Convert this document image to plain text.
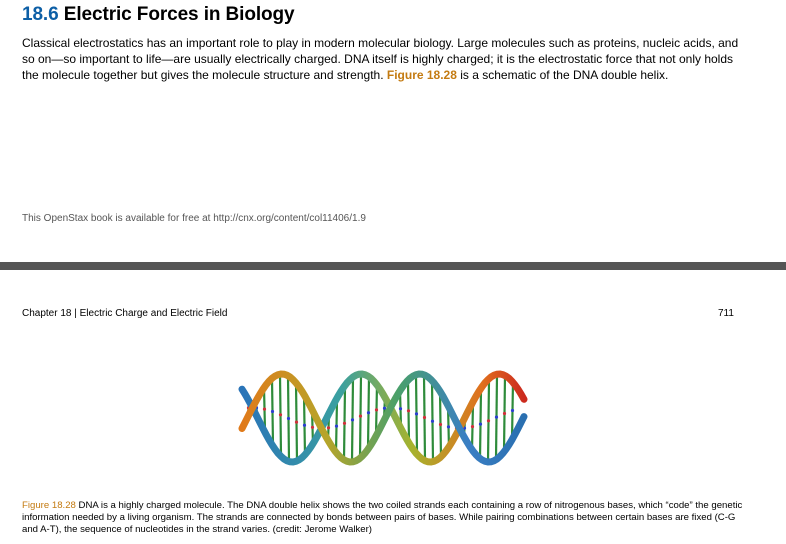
18.6 Electric Forces in Biology

Classical electrostatics has an important role to play in modern molecular biology. Large molecules such as proteins, nucleic acids, and so on—so important to life—are usually electrically charged. DNA itself is highly charged; it is the electrostatic force that not only holds the molecule together but gives the molecule structure and strength. Figure 18.28 is a schematic of the DNA double helix.

This OpenStax book is available for free at http://cnx.org/content/col11406/1.9
Chapter 18 | Electric Charge and Electric Field	711

Figure 18.28 DNA is a highly charged molecule. The DNA double helix shows the two coiled strands each containing a row of nitrogenous bases, which “code” the genetic information needed by a living organism. The strands are connected by bonds between pairs of bases. While pairing combinations between certain bases are fixed (C-G and A-T), the sequence of nucleotides in the strand varies. (credit: Jerome Walker)
